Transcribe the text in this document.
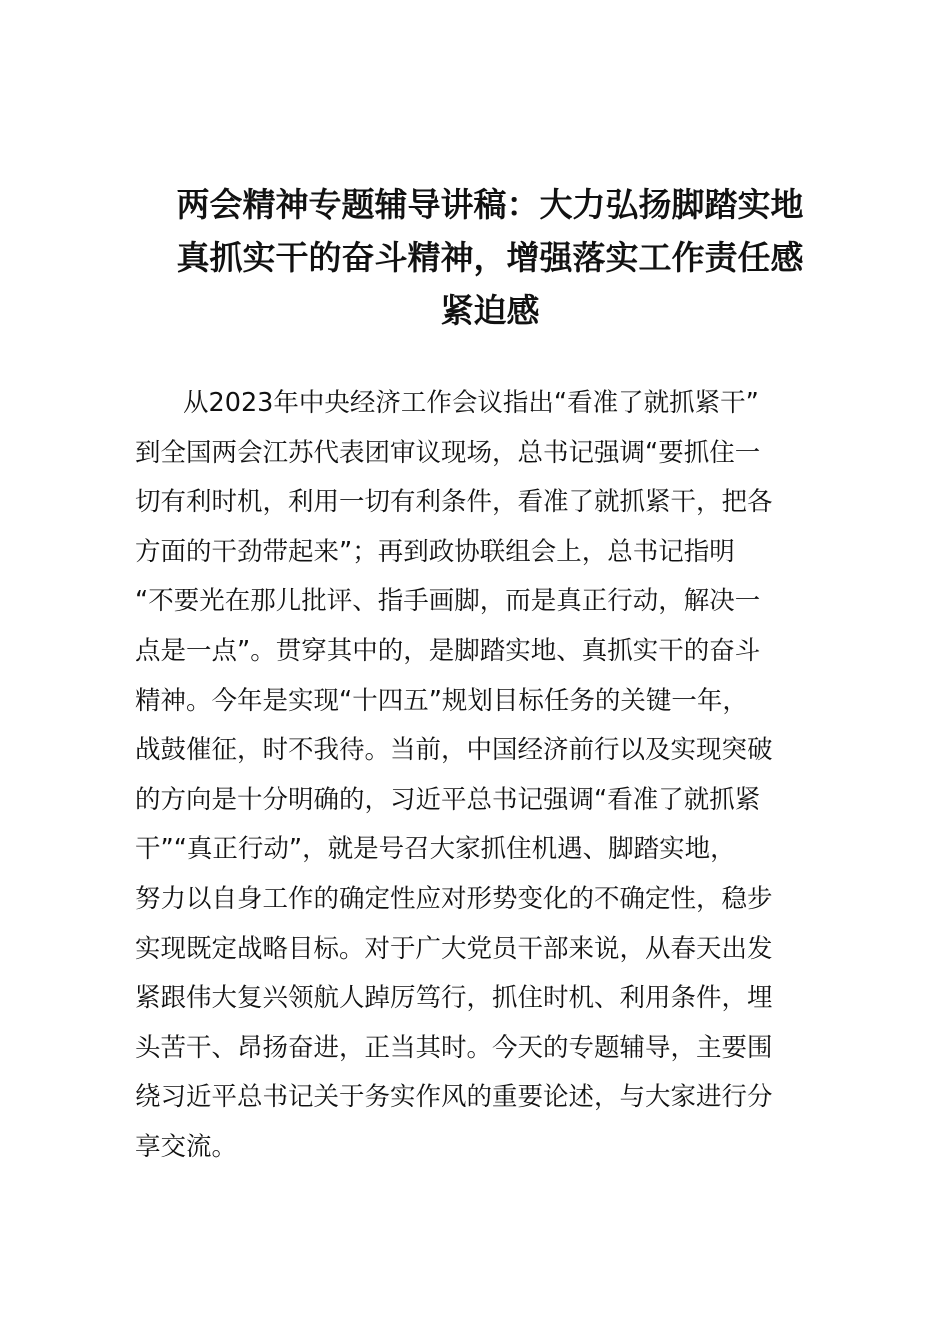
两会精神专题辅导讲稿：大力弘扬脚踏实地
真抓实干的奋斗精神，增强落实工作责任感
紧迫感
从2023年中央经济工作会议指出“看准了就抓紧干”
到全国两会江苏代表团审议现场，总书记强调“要抓住一
切有利时机，利用一切有利条件，看准了就抓紧干，把各
方面的干劲带起来”；再到政协联组会上，总书记指明
“不要光在那儿批评、指手画脚，而是真正行动，解决一
点是一点”。贯穿其中的，是脚踏实地、真抓实干的奋斗
精神。今年是实现“十四五”规划目标任务的关键一年，
战鼓催征，时不我待。当前，中国经济前行以及实现突破
的方向是十分明确的，习近平总书记强调“看准了就抓紧
干”“真正行动”，就是号召大家抓住机遇、脚踏实地，
努力以自身工作的确定性应对形势变化的不确定性，稳步
实现既定战略目标。对于广大党员干部来说，从春天出发
紧跟伟大复兴领航人踔厉笃行，抓住时机、利用条件，埋
头苦干、昂扬奋进，正当其时。今天的专题辅导，主要围
绕习近平总书记关于务实作风的重要论述，与大家进行分
享交流。
